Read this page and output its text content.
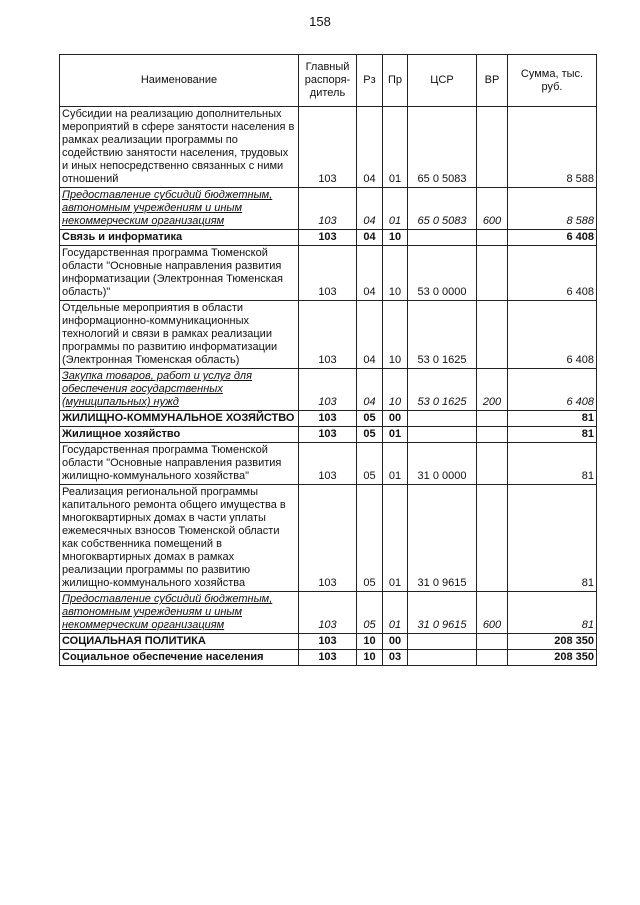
158
Наименование	Главный распоря-дитель	Рз	Пр	ЦСР	ВР	Сумма, тыс. руб.
Субсидии на реализацию дополнительных мероприятий в сфере занятости населения в рамках реализации программы по содействию занятости населения, трудовых и иных непосредственно связанных с ними отношений	103	04	01	65 0 5083		8 588
Предоставление субсидий бюджетным, автономным учреждениям и иным некоммерческим организациям	103	04	01	65 0 5083	600	8 588
Связь и информатика	103	04	10			6 408
Государственная программа Тюменской области "Основные направления развития информатизации (Электронная Тюменская область)"	103	04	10	53 0 0000		6 408
Отдельные мероприятия в области информационно-коммуникационных технологий и связи в рамках реализации программы по развитию информатизации (Электронная Тюменская область)	103	04	10	53 0 1625		6 408
Закупка товаров, работ и услуг для обеспечения государственных (муниципальных) нужд	103	04	10	53 0 1625	200	6 408
ЖИЛИЩНО-КОММУНАЛЬНОЕ ХОЗЯЙСТВО	103	05	00			81
Жилищное хозяйство	103	05	01			81
Государственная программа Тюменской области "Основные направления развития жилищно-коммунального хозяйства"	103	05	01	31 0 0000		81
Реализация региональной программы капитального ремонта общего имущества в многоквартирных домах в части уплаты ежемесячных взносов Тюменской области как собственника помещений в многоквартирных домах в рамках реализации программы по развитию жилищно-коммунального хозяйства	103	05	01	31 0 9615		81
Предоставление субсидий бюджетным, автономным учреждениям и иным некоммерческим организациям	103	05	01	31 0 9615	600	81
СОЦИАЛЬНАЯ ПОЛИТИКА	103	10	00			208 350
Социальное обеспечение населения	103	10	03			208 350
